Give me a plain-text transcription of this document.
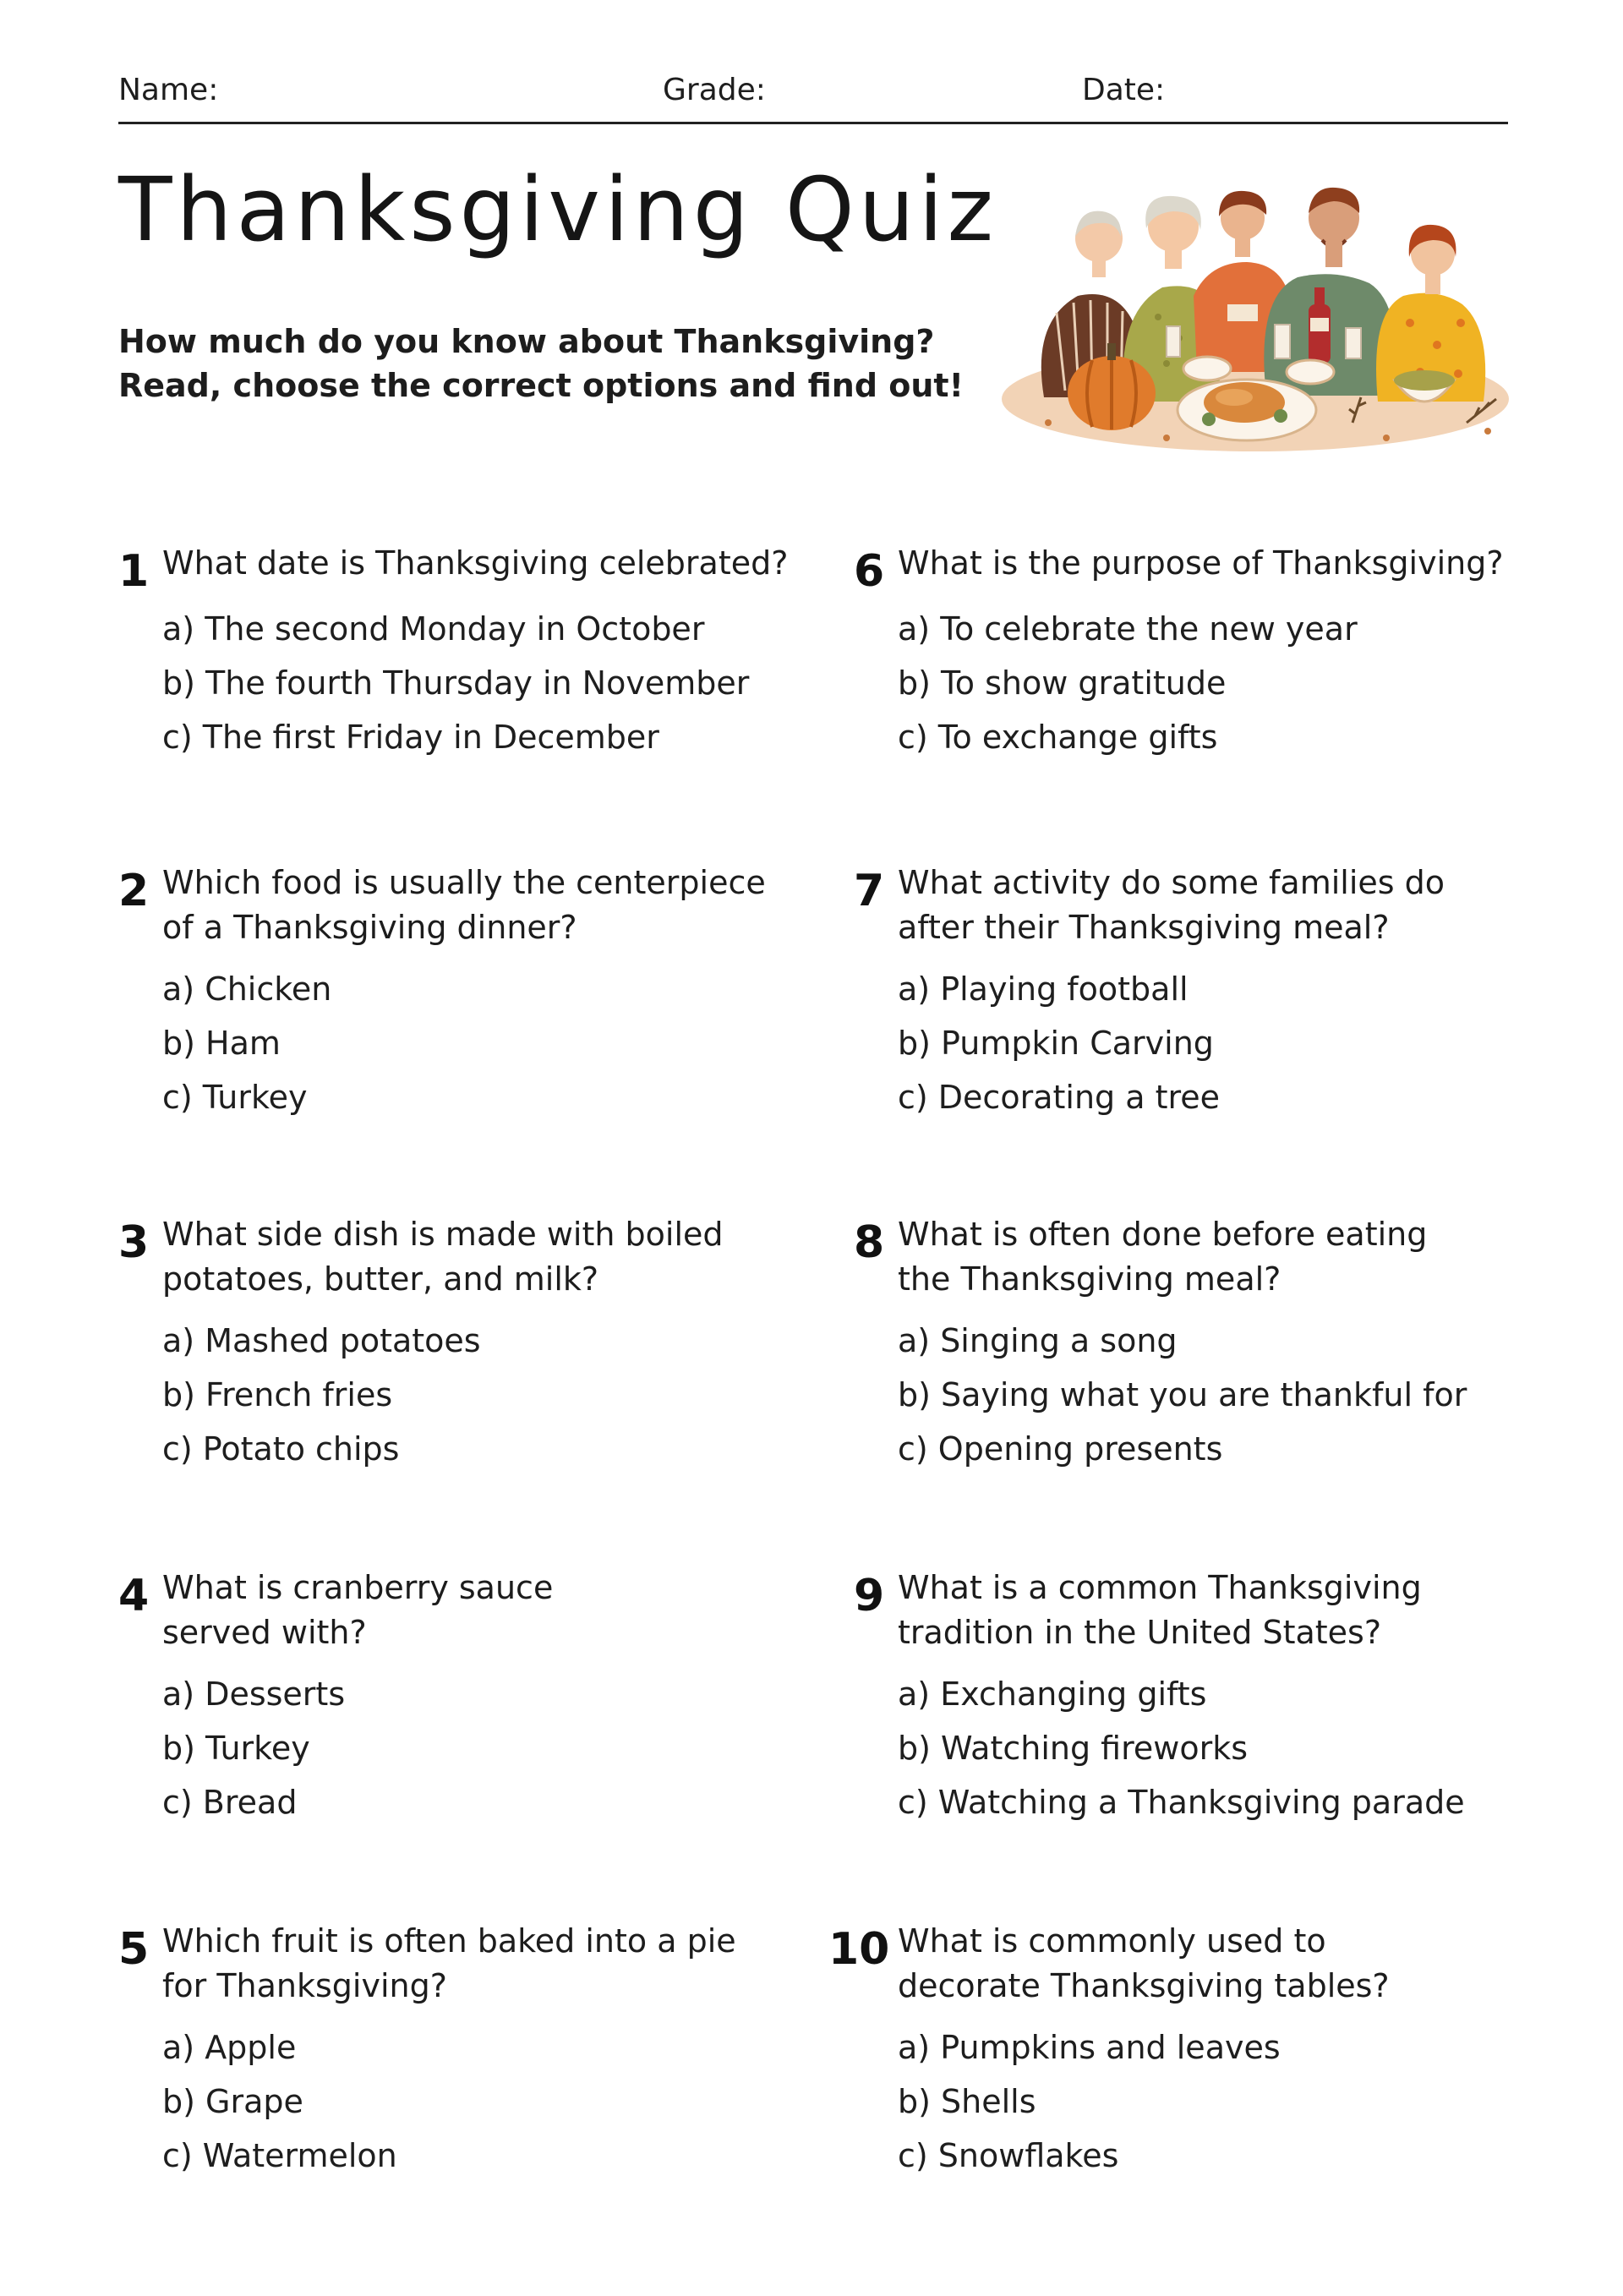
Name:	Grade:	Date:
Thanksgiving Quiz

How much do you know about Thanksgiving?
Read, choose the correct options and find out!

1 What date is Thanksgiving celebrated?

a) The second Monday in October
b) The fourth Thursday in November
c) The first Friday in December
2 Which food is usually the centerpiece
of a Thanksgiving dinner?

a) Chicken
b) Ham
c) Turkey
3 What side dish is made with boiled
potatoes, butter, and milk?

a) Mashed potatoes
b) French fries
c) Potato chips
4 What is cranberry sauce
served with?

a) Desserts
b) Turkey
c) Bread
5 Which fruit is often baked into a pie
for Thanksgiving?

a) Apple
b) Grape
c) Watermelon
6 What is the purpose of Thanksgiving?

a) To celebrate the new year
b) To show gratitude
c) To exchange gifts
7 What activity do some families do
after their Thanksgiving meal?

a) Playing football
b) Pumpkin Carving
c) Decorating a tree
8 What is often done before eating
the Thanksgiving meal?

a) Singing a song
b) Saying what you are thankful for
c) Opening presents
9 What is a common Thanksgiving
tradition in the United States?

a) Exchanging gifts
b) Watching fireworks
c) Watching a Thanksgiving parade
10 What is commonly used to
decorate Thanksgiving tables?

a) Pumpkins and leaves
b) Shells
c) Snowflakes
